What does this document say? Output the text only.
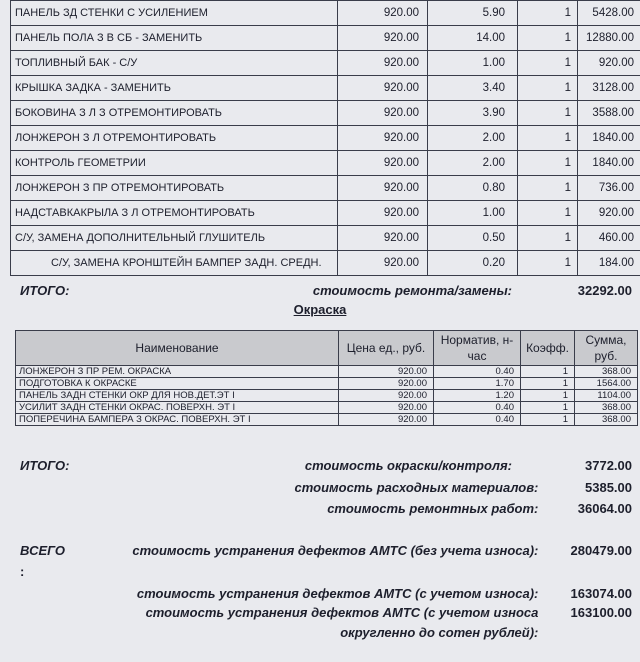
ПАНЕЛЬ ЗД СТЕНКИ С УСИЛЕНИЕМ	920.00	5.90	1	5428.00
ПАНЕЛЬ ПОЛА З В СБ - ЗАМЕНИТЬ	920.00	14.00	1	12880.00
ТОПЛИВНЫЙ БАК - С/У	920.00	1.00	1	920.00
КРЫШКА ЗАДКА - ЗАМЕНИТЬ	920.00	3.40	1	3128.00
БОКОВИНА З Л З ОТРЕМОНТИРОВАТЬ	920.00	3.90	1	3588.00
ЛОНЖЕРОН З Л ОТРЕМОНТИРОВАТЬ	920.00	2.00	1	1840.00
КОНТРОЛЬ ГЕОМЕТРИИ	920.00	2.00	1	1840.00
ЛОНЖЕРОН З ПР ОТРЕМОНТИРОВАТЬ	920.00	0.80	1	736.00
НАДСТАВКАКРЫЛА З Л ОТРЕМОНТИРОВАТЬ	920.00	1.00	1	920.00
С/У, ЗАМЕНА ДОПОЛНИТЕЛЬНЫЙ ГЛУШИТЕЛЬ	920.00	0.50	1	460.00
С/У, ЗАМЕНА КРОНШТЕЙН БАМПЕР ЗАДН. СРЕДН.	920.00	0.20	1	184.00
ИТОГО:	стоимость ремонта/замены:	32292.00
Окраска
Наименование	Цена ед., руб.	Норматив, н-час	Коэфф.	Сумма, руб.
ЛОНЖЕРОН З ПР РЕМ. ОКРАСКА	920.00	0.40	1	368.00
ПОДГОТОВКА К ОКРАСКЕ	920.00	1.70	1	1564.00
ПАНЕЛЬ ЗАДН СТЕНКИ ОКР ДЛЯ НОВ.ДЕТ.ЭТ I	920.00	1.20	1	1104.00
УСИЛИТ ЗАДН СТЕНКИ ОКРАС. ПОВЕРХН. ЭТ I	920.00	0.40	1	368.00
ПОПЕРЕЧИНА БАМПЕРА З ОКРАС. ПОВЕРХН. ЭТ I	920.00	0.40	1	368.00
ИТОГО:	стоимость окраски/контроля:	3772.00
стоимость расходных материалов:	5385.00
стоимость ремонтных работ:	36064.00
ВСЕГО
:
стоимость устранения дефектов АМТС (без учета износа): 280479.00
стоимость устранения дефектов АМТС (с учетом износа): 163074.00
стоимость устранения дефектов АМТС (с учетом износа 163100.00
округленно до сотен рублей):
